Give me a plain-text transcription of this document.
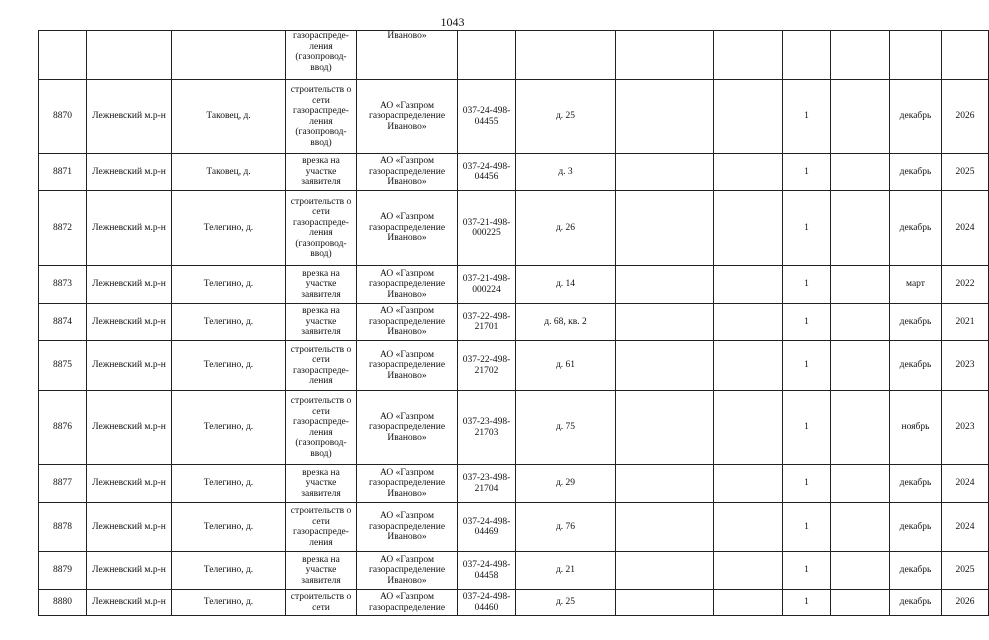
1043
			газораспределения (газопровод-ввод)	Иваново»								
8870	Лежневский м.р-н	Таковец, д.	строительств о сети газораспределения (газопровод-ввод)	АО «Газпром газораспределение Иваново»	037-24-498-04455	д. 25			1		декабрь	2026
8871	Лежневский м.р-н	Таковец, д.	врезка на участке заявителя	АО «Газпром газораспределение Иваново»	037-24-498-04456	д. 3			1		декабрь	2025
8872	Лежневский м.р-н	Телегино, д.	строительств о сети газораспределения (газопровод-ввод)	АО «Газпром газораспределение Иваново»	037-21-498-000225	д. 26			1		декабрь	2024
8873	Лежневский м.р-н	Телегино, д.	врезка на участке заявителя	АО «Газпром газораспределение Иваново»	037-21-498-000224	д. 14			1		март	2022
8874	Лежневский м.р-н	Телегино, д.	врезка на участке заявителя	АО «Газпром газораспределение Иваново»	037-22-498-21701	д. 68, кв. 2			1		декабрь	2021
8875	Лежневский м.р-н	Телегино, д.	строительств о сети газораспределения	АО «Газпром газораспределение Иваново»	037-22-498-21702	д. 61			1		декабрь	2023
8876	Лежневский м.р-н	Телегино, д.	строительств о сети газораспределения (газопровод-ввод)	АО «Газпром газораспределение Иваново»	037-23-498-21703	д. 75			1		ноябрь	2023
8877	Лежневский м.р-н	Телегино, д.	врезка на участке заявителя	АО «Газпром газораспределение Иваново»	037-23-498-21704	д. 29			1		декабрь	2024
8878	Лежневский м.р-н	Телегино, д.	строительств о сети газораспределения	АО «Газпром газораспределение Иваново»	037-24-498-04469	д. 76			1		декабрь	2024
8879	Лежневский м.р-н	Телегино, д.	врезка на участке заявителя	АО «Газпром газораспределение Иваново»	037-24-498-04458	д. 21			1		декабрь	2025
8880	Лежневский м.р-н	Телегино, д.	строительств о сети	АО «Газпром газораспределение	037-24-498-04460	д. 25			1		декабрь	2026
